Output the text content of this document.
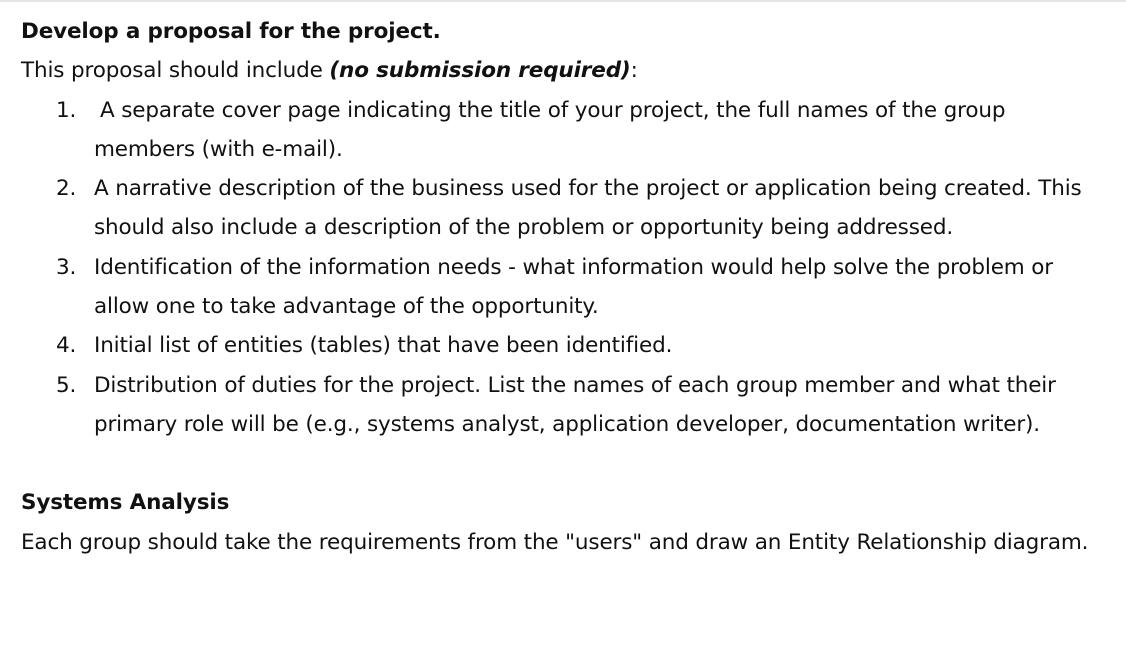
Develop a proposal for the project.

This proposal should include (no submission required):

1. A separate cover page indicating the title of your project, the full names of the group members (with e-mail).
2. A narrative description of the business used for the project or application being created. This should also include a description of the problem or opportunity being addressed.
3. Identification of the information needs - what information would help solve the problem or allow one to take advantage of the opportunity.
4. Initial list of entities (tables) that have been identified.
5. Distribution of duties for the project. List the names of each group member and what their primary role will be (e.g., systems analyst, application developer, documentation writer).

Systems Analysis

Each group should take the requirements from the "users" and draw an Entity Relationship diagram.
